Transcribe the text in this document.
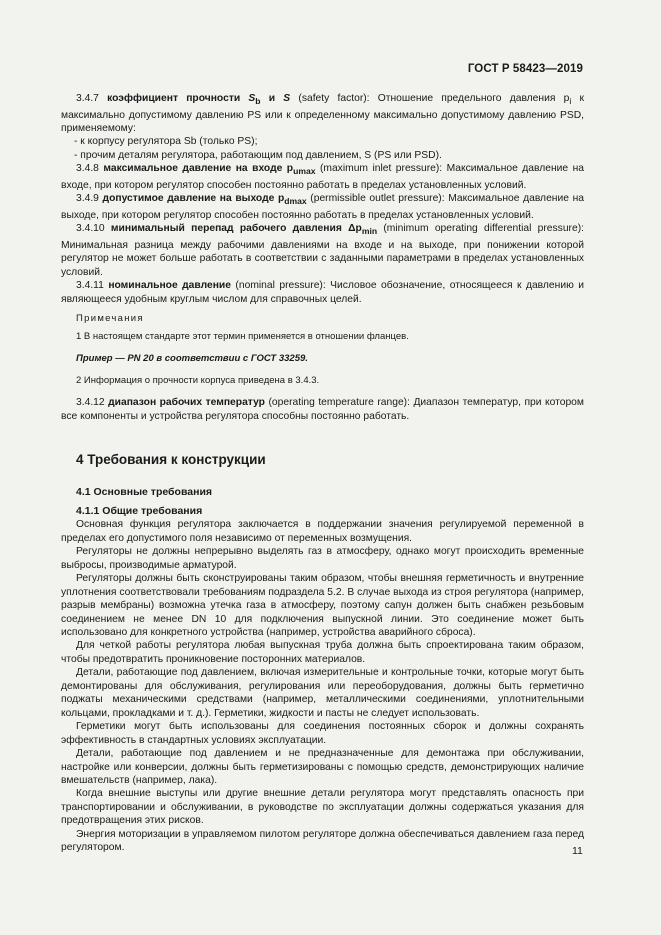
ГОСТ Р 58423—2019

3.4.7 коэффициент прочности $S_b$ и S (safety factor): Отношение предельного давления $p_i$ к максимально допустимому давлению PS или к определенному максимально допустимому давлению PSD, применяемому:

- к корпусу регулятора Sb (только PS);

- прочим деталям регулятора, работающим под давлением, S (PS или PSD).

3.4.8 максимальное давление на входе $p_{umax}$ (maximum inlet pressure): Максимальное давление на входе, при котором регулятор способен постоянно работать в пределах установленных условий.

3.4.9 допустимое давление на выходе $p_{dmax}$ (permissible outlet pressure): Максимальное давление на выходе, при котором регулятор способен постоянно работать в пределах установленных условий.

3.4.10 минимальный перепад рабочего давления $\Delta p_{min}$ (minimum operating differential pressure): Минимальная разница между рабочими давлениями на входе и на выходе, при понижении которой регулятор не может больше работать в соответствии с заданными параметрами в пределах установленных условий.

3.4.11 номинальное давление (nominal pressure): Числовое обозначение, относящееся к давлению и являющееся удобным круглым числом для справочных целей.

Примечания

1 В настоящем стандарте этот термин применяется в отношении фланцев.

Пример — PN 20 в соответствии с ГОСТ 33259.

2 Информация о прочности корпуса приведена в 3.4.3.

3.4.12 диапазон рабочих температур (operating temperature range): Диапазон температур, при котором все компоненты и устройства регулятора способны постоянно работать.

4 Требования к конструкции
4.1 Основные требования
4.1.1 Общие требования

Основная функция регулятора заключается в поддержании значения регулируемой переменной в пределах его допустимого поля независимо от переменных возмущения.

Регуляторы не должны непрерывно выделять газ в атмосферу, однако могут происходить временные выбросы, производимые арматурой.

Регуляторы должны быть сконструированы таким образом, чтобы внешняя герметичность и внутренние уплотнения соответствовали требованиям подраздела 5.2. В случае выхода из строя регулятора (например, разрыв мембраны) возможна утечка газа в атмосферу, поэтому сапун должен быть снабжен резьбовым соединением не менее DN 10 для подключения выпускной линии. Это соединение может быть использовано для конкретного устройства (например, устройства аварийного сброса).

Для четкой работы регулятора любая выпускная труба должна быть спроектирована таким образом, чтобы предотвратить проникновение посторонних материалов.

Детали, работающие под давлением, включая измерительные и контрольные точки, которые могут быть демонтированы для обслуживания, регулирования или переоборудования, должны быть герметично поджаты механическими средствами (например, металлическими соединениями, уплотнительными кольцами, прокладками и т. д.). Герметики, жидкости и пасты не следует использовать.

Герметики могут быть использованы для соединения постоянных сборок и должны сохранять эффективность в стандартных условиях эксплуатации.

Детали, работающие под давлением и не предназначенные для демонтажа при обслуживании, настройке или конверсии, должны быть герметизированы с помощью средств, демонстрирующих наличие вмешательств (например, лака).

Когда внешние выступы или другие внешние детали регулятора могут представлять опасность при транспортировании и обслуживании, в руководстве по эксплуатации должны содержаться указания для предотвращения этих рисков.

Энергия моторизации в управляемом пилотом регуляторе должна обеспечиваться давлением газа перед регулятором.	11
